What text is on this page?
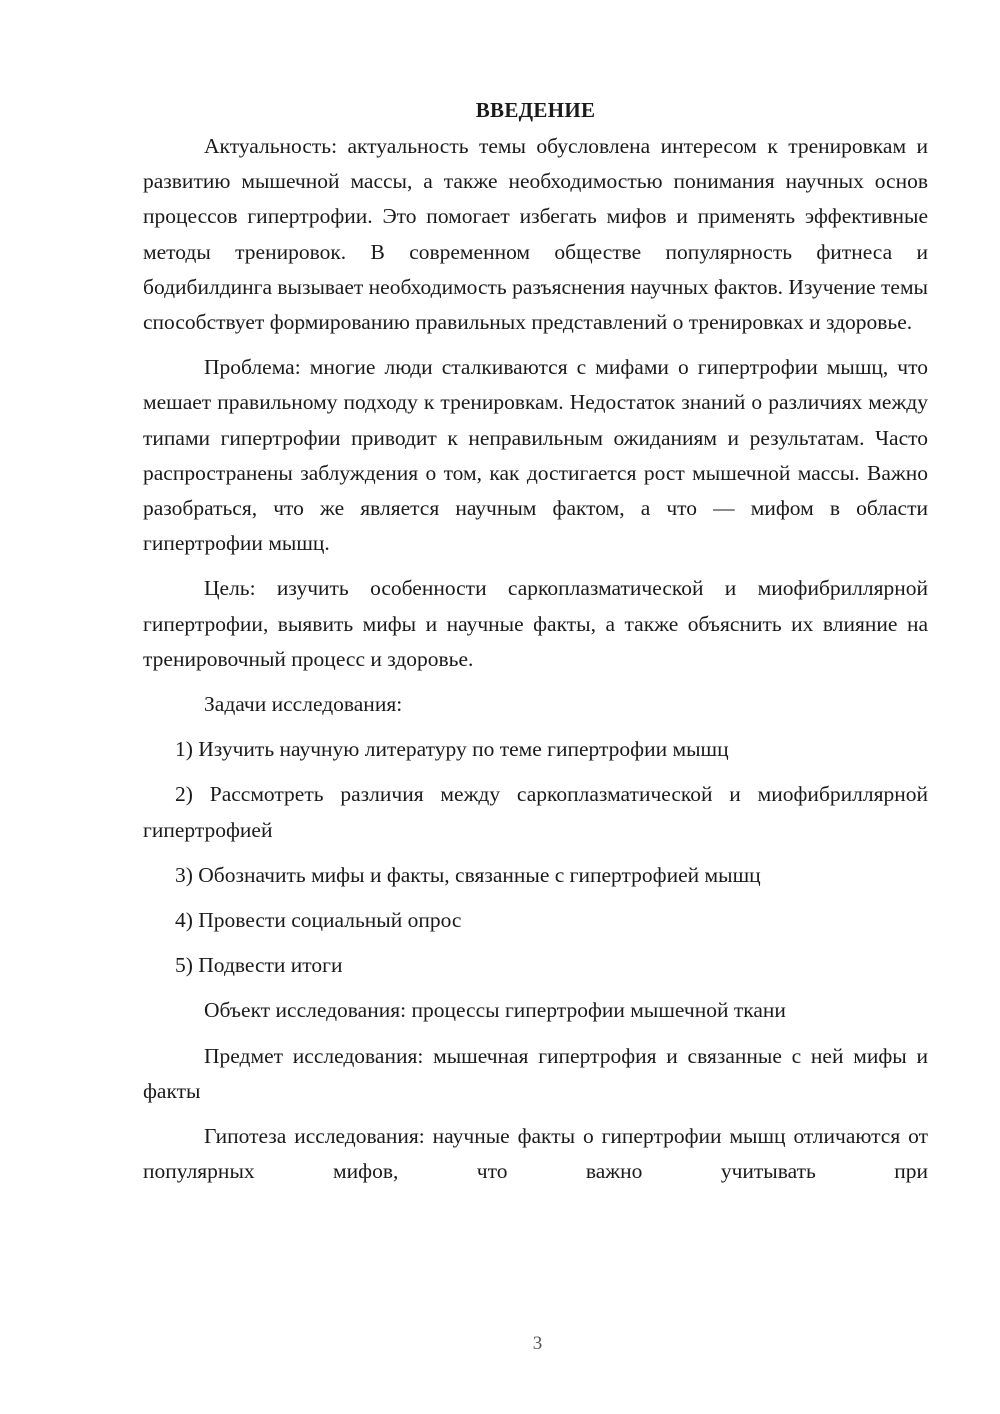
ВВЕДЕНИЕ

Актуальность: актуальность темы обусловлена интересом к тренировкам и развитию мышечной массы, а также необходимостью понимания научных основ процессов гипертрофии. Это помогает избегать мифов и применять эффективные методы тренировок. В современном обществе популярность фитнеса и бодибилдинга вызывает необходимость разъяснения научных фактов. Изучение темы способствует формированию правильных представлений о тренировках и здоровье.

Проблема: многие люди сталкиваются с мифами о гипертрофии мышц, что мешает правильному подходу к тренировкам. Недостаток знаний о различиях между типами гипертрофии приводит к неправильным ожиданиям и результатам. Часто распространены заблуждения о том, как достигается рост мышечной массы. Важно разобраться, что же является научным фактом, а что — мифом в области гипертрофии мышц.

Цель: изучить особенности саркоплазматической и миофибриллярной гипертрофии, выявить мифы и научные факты, а также объяснить их влияние на тренировочный процесс и здоровье.

Задачи исследования:

1) Изучить научную литературу по теме гипертрофии мышц

2) Рассмотреть различия между саркоплазматической и миофибриллярной гипертрофией

3) Обозначить мифы и факты, связанные с гипертрофией мышц

4) Провести социальный опрос

5) Подвести итоги

Объект исследования: процессы гипертрофии мышечной ткани

Предмет исследования: мышечная гипертрофия и связанные с ней мифы и факты

Гипотеза исследования: научные факты о гипертрофии мышц отличаются от популярных мифов, что важно учитывать при

3
